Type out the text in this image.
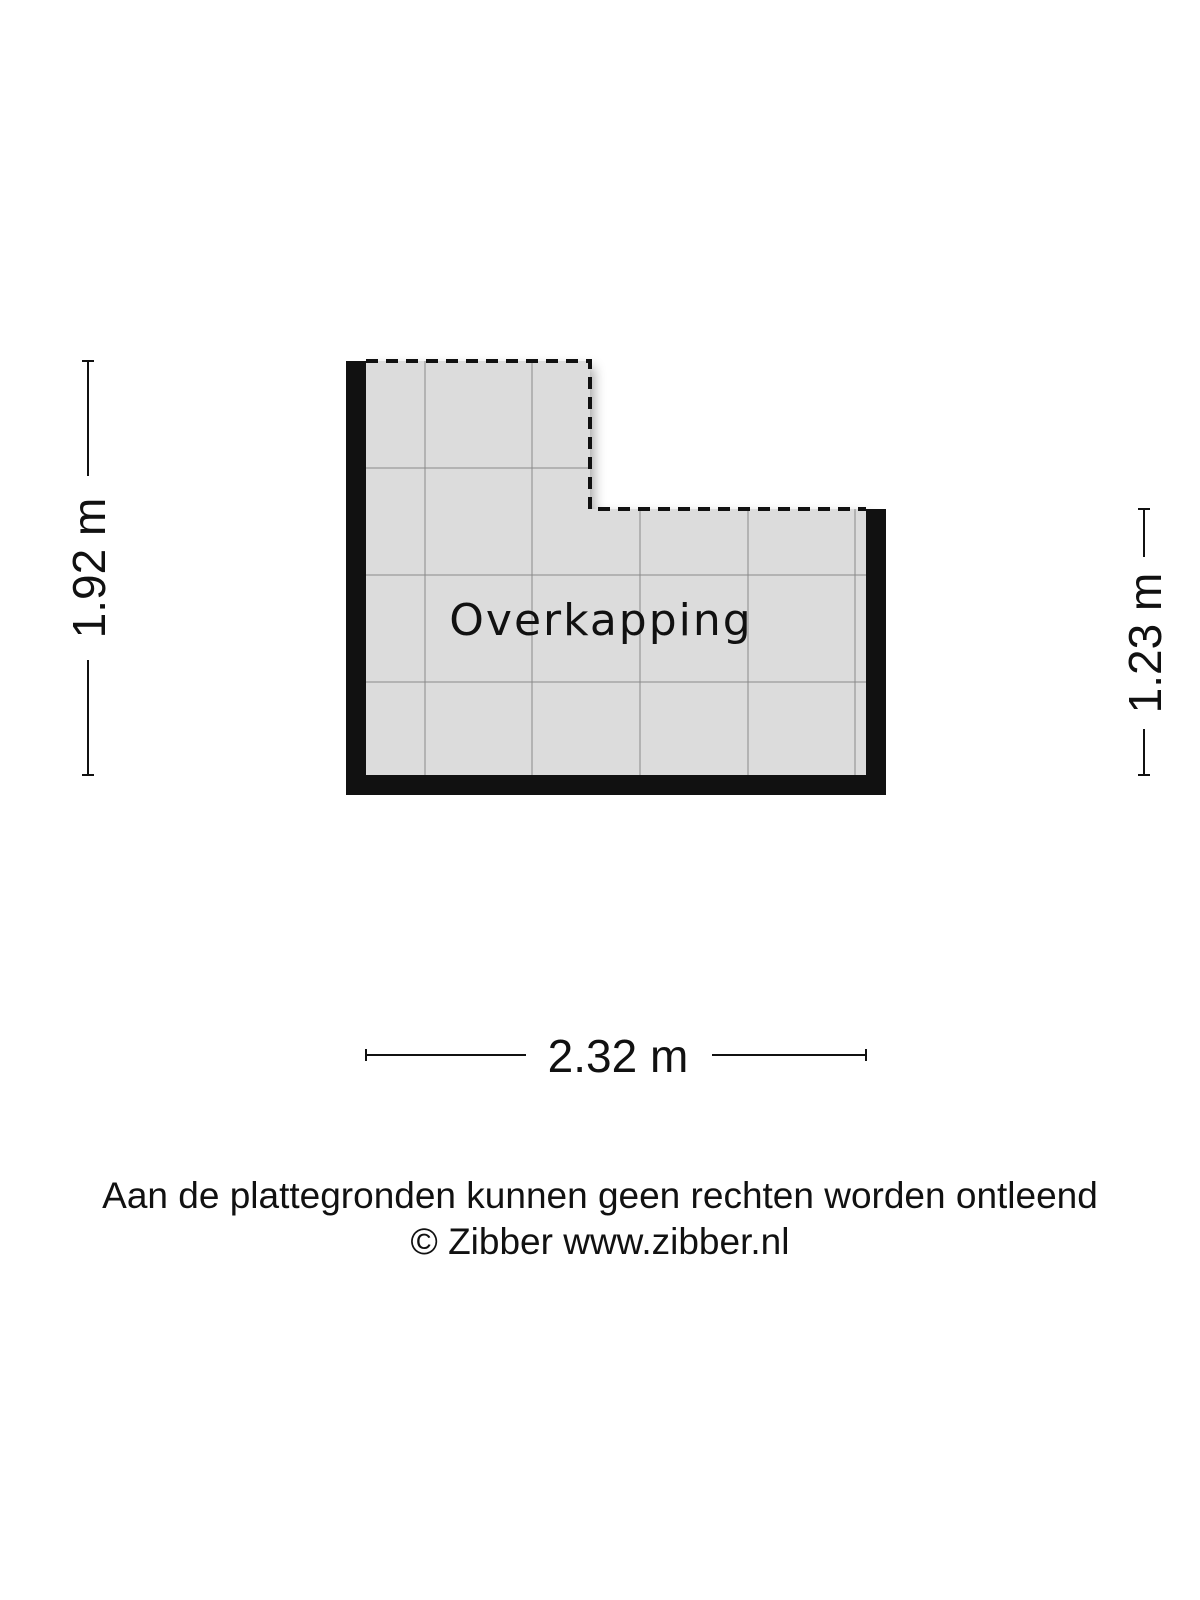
Overkapping
1.92 m
1.23 m
2.32 m
Aan de plattegronden kunnen geen rechten worden ontleend
© Zibber www.zibber.nl
